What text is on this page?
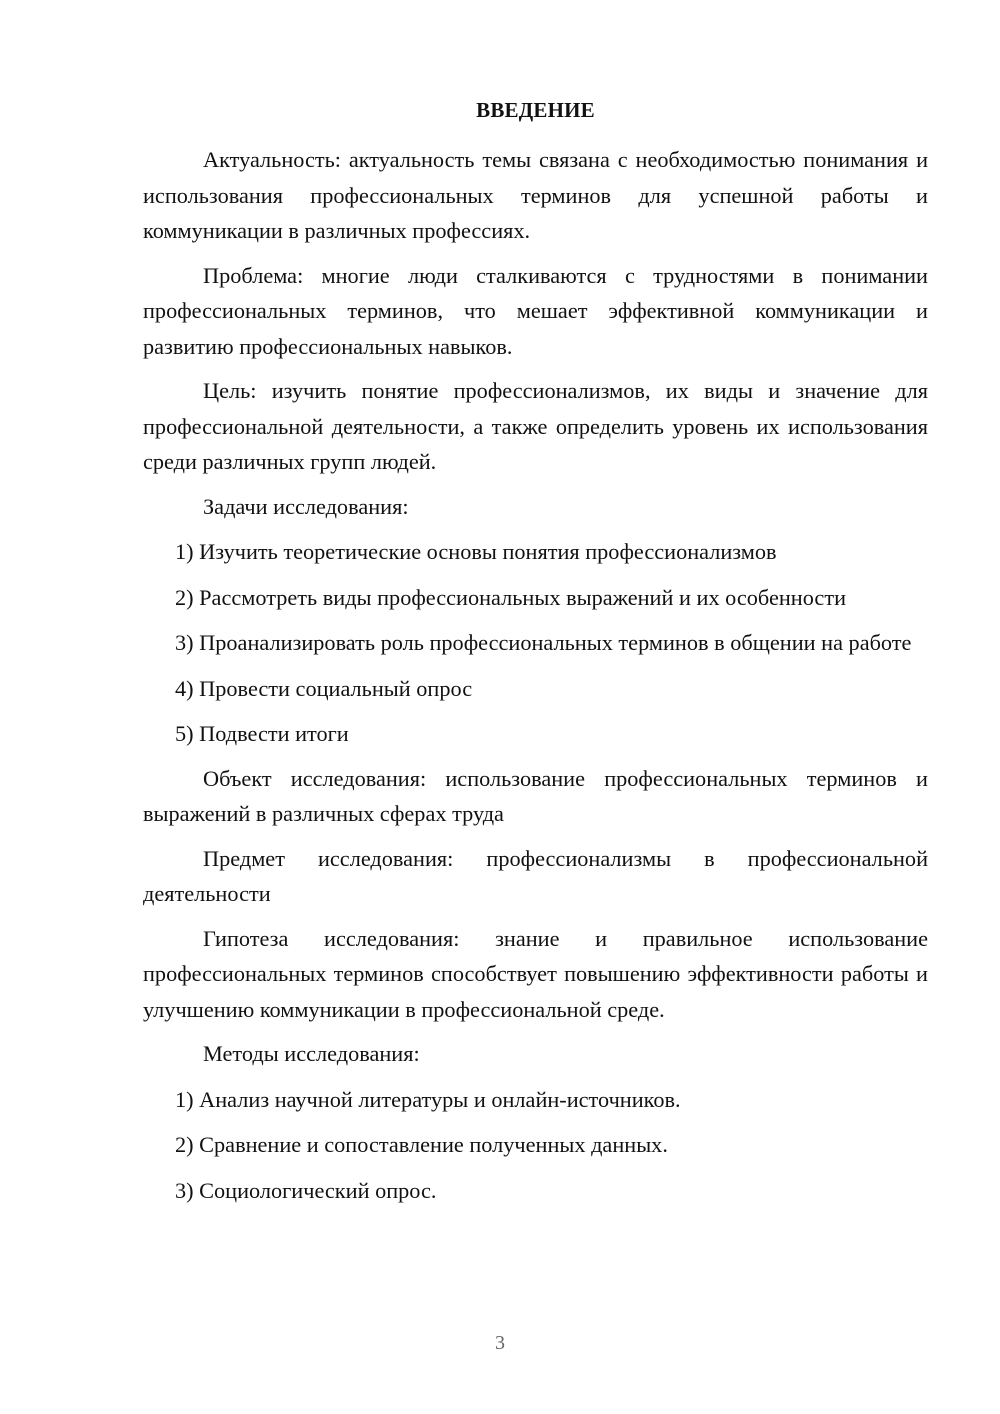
ВВЕДЕНИЕ

Актуальность: актуальность темы связана с необходимостью понимания и использования профессиональных терминов для успешной работы и коммуникации в различных профессиях.

Проблема: многие люди сталкиваются с трудностями в понимании профессиональных терминов, что мешает эффективной коммуникации и развитию профессиональных навыков.

Цель: изучить понятие профессионализмов, их виды и значение для профессиональной деятельности, а также определить уровень их использования среди различных групп людей.

Задачи исследования:

1) Изучить теоретические основы понятия профессионализмов

2) Рассмотреть виды профессиональных выражений и их особенности

3) Проанализировать роль профессиональных терминов в общении на работе

4) Провести социальный опрос

5) Подвести итоги

Объект исследования: использование профессиональных терминов и выражений в различных сферах труда

Предмет исследования: профессионализмы в профессиональной деятельности

Гипотеза исследования: знание и правильное использование профессиональных терминов способствует повышению эффективности работы и улучшению коммуникации в профессиональной среде.

Методы исследования:

1) Анализ научной литературы и онлайн-источников.

2) Сравнение и сопоставление полученных данных.

3) Социологический опрос.

3
